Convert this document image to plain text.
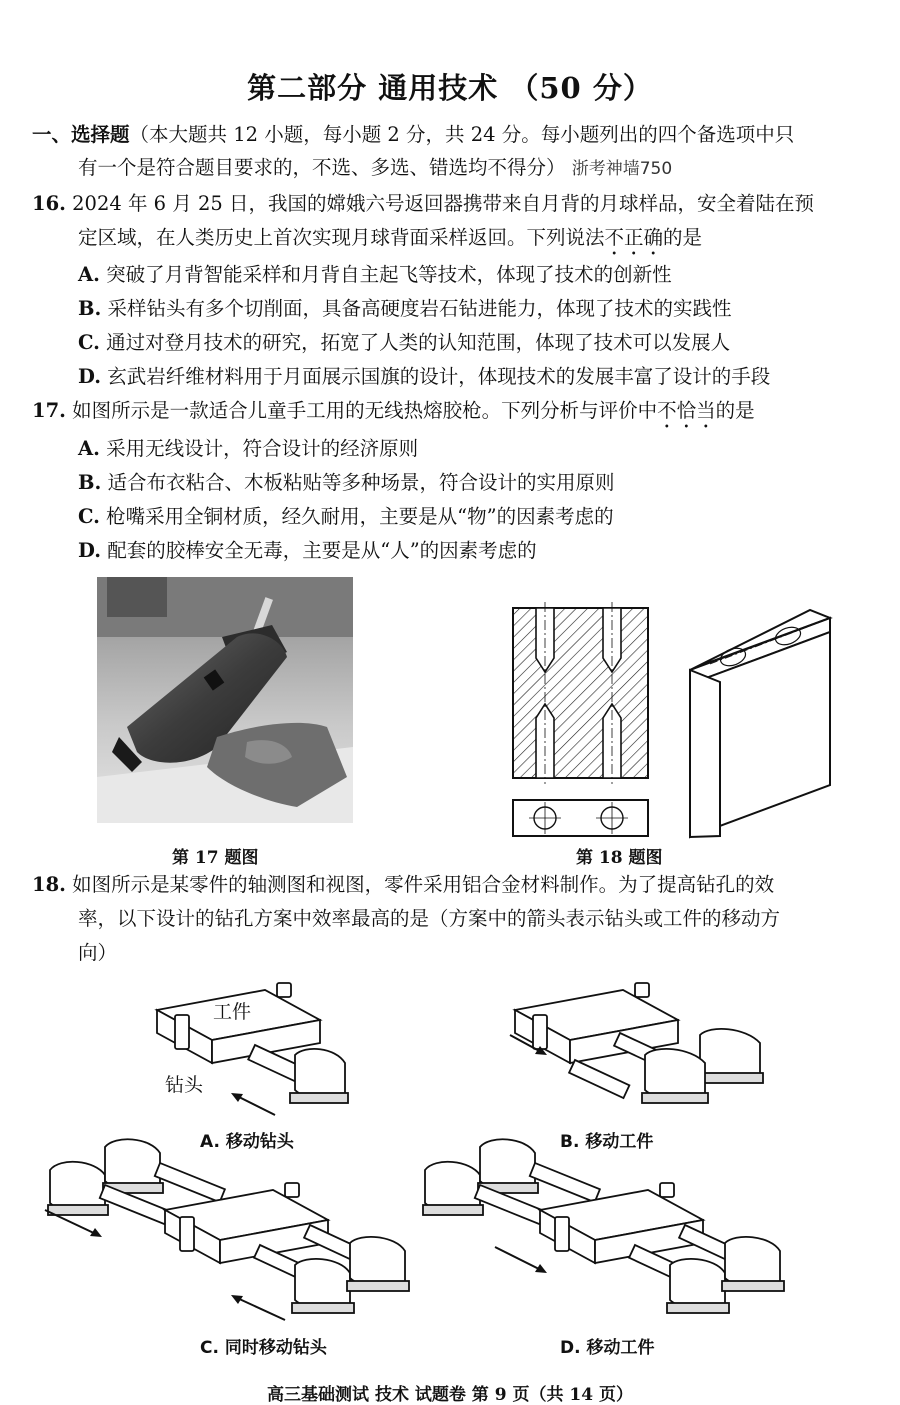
第二部分 通用技术 （50 分）
一、选择题（本大题共 12 小题，每小题 2 分，共 24 分。每小题列出的四个备选项中只
有一个是符合题目要求的，不选、多选、错选均不得分） 浙考神墙750
16. 2024 年 6 月 25 日，我国的嫦娥六号返回器携带来自月背的月球样品，安全着陆在预
定区域，在人类历史上首次实现月球背面采样返回。下列说法不正确的是
A. 突破了月背智能采样和月背自主起飞等技术，体现了技术的创新性
B. 采样钻头有多个切削面，具备高硬度岩石钻进能力，体现了技术的实践性
C. 通过对登月技术的研究，拓宽了人类的认知范围，体现了技术可以发展人
D. 玄武岩纤维材料用于月面展示国旗的设计，体现技术的发展丰富了设计的手段
17. 如图所示是一款适合儿童手工用的无线热熔胶枪。下列分析与评价中不恰当的是
A. 采用无线设计，符合设计的经济原则
B. 适合布衣粘合、木板粘贴等多种场景，符合设计的实用原则
C. 枪嘴采用全铜材质，经久耐用，主要是从“物”的因素考虑的
D. 配套的胶棒安全无毒，主要是从“人”的因素考虑的
第 17 题图	第 18 题图
18. 如图所示是某零件的轴测图和视图，零件采用铝合金材料制作。为了提高钻孔的效
率，以下设计的钻孔方案中效率最高的是（方案中的箭头表示钻头或工件的移动方
向）
工件
钻头
A. 移动钻头	B. 移动工件
C. 同时移动钻头	D. 移动工件
高三基础测试 技术 试题卷 第 9 页（共 14 页）
